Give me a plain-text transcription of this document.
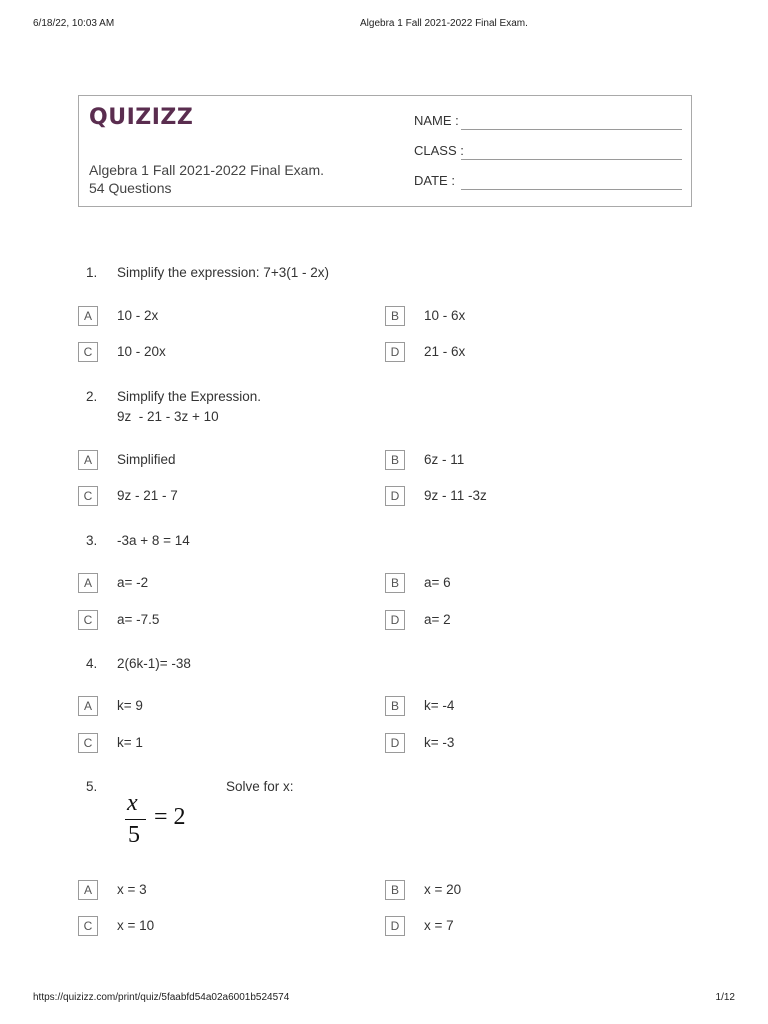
6/18/22, 10:03 AM	Algebra 1 Fall 2021-2022 Final Exam.
QUIZIZZ
Algebra 1 Fall 2021-2022 Final Exam.
54 Questions
NAME :
CLASS :
DATE :
1. Simplify the expression: 7+3(1 - 2x)
A	10 - 2x	B	10 - 6x
C	10 - 20x	D	21 - 6x
2. Simplify the Expression.
9z  - 21 - 3z + 10
A	Simplified	B	6z - 11
C	9z - 21 - 7	D	9z - 11 -3z
3. -3a + 8 = 14
A	a= -2	B	a= 6
C	a= -7.5	D	a= 2
4. 2(6k-1)= -38
A	k= 9	B	k= -4
C	k= 1	D	k= -3
5.	Solve for x:
x
5
= 2
A	x = 3	B	x = 20
C	x = 10	D	x = 7
https://quizizz.com/print/quiz/5faabfd54a02a6001b524574	1/12
